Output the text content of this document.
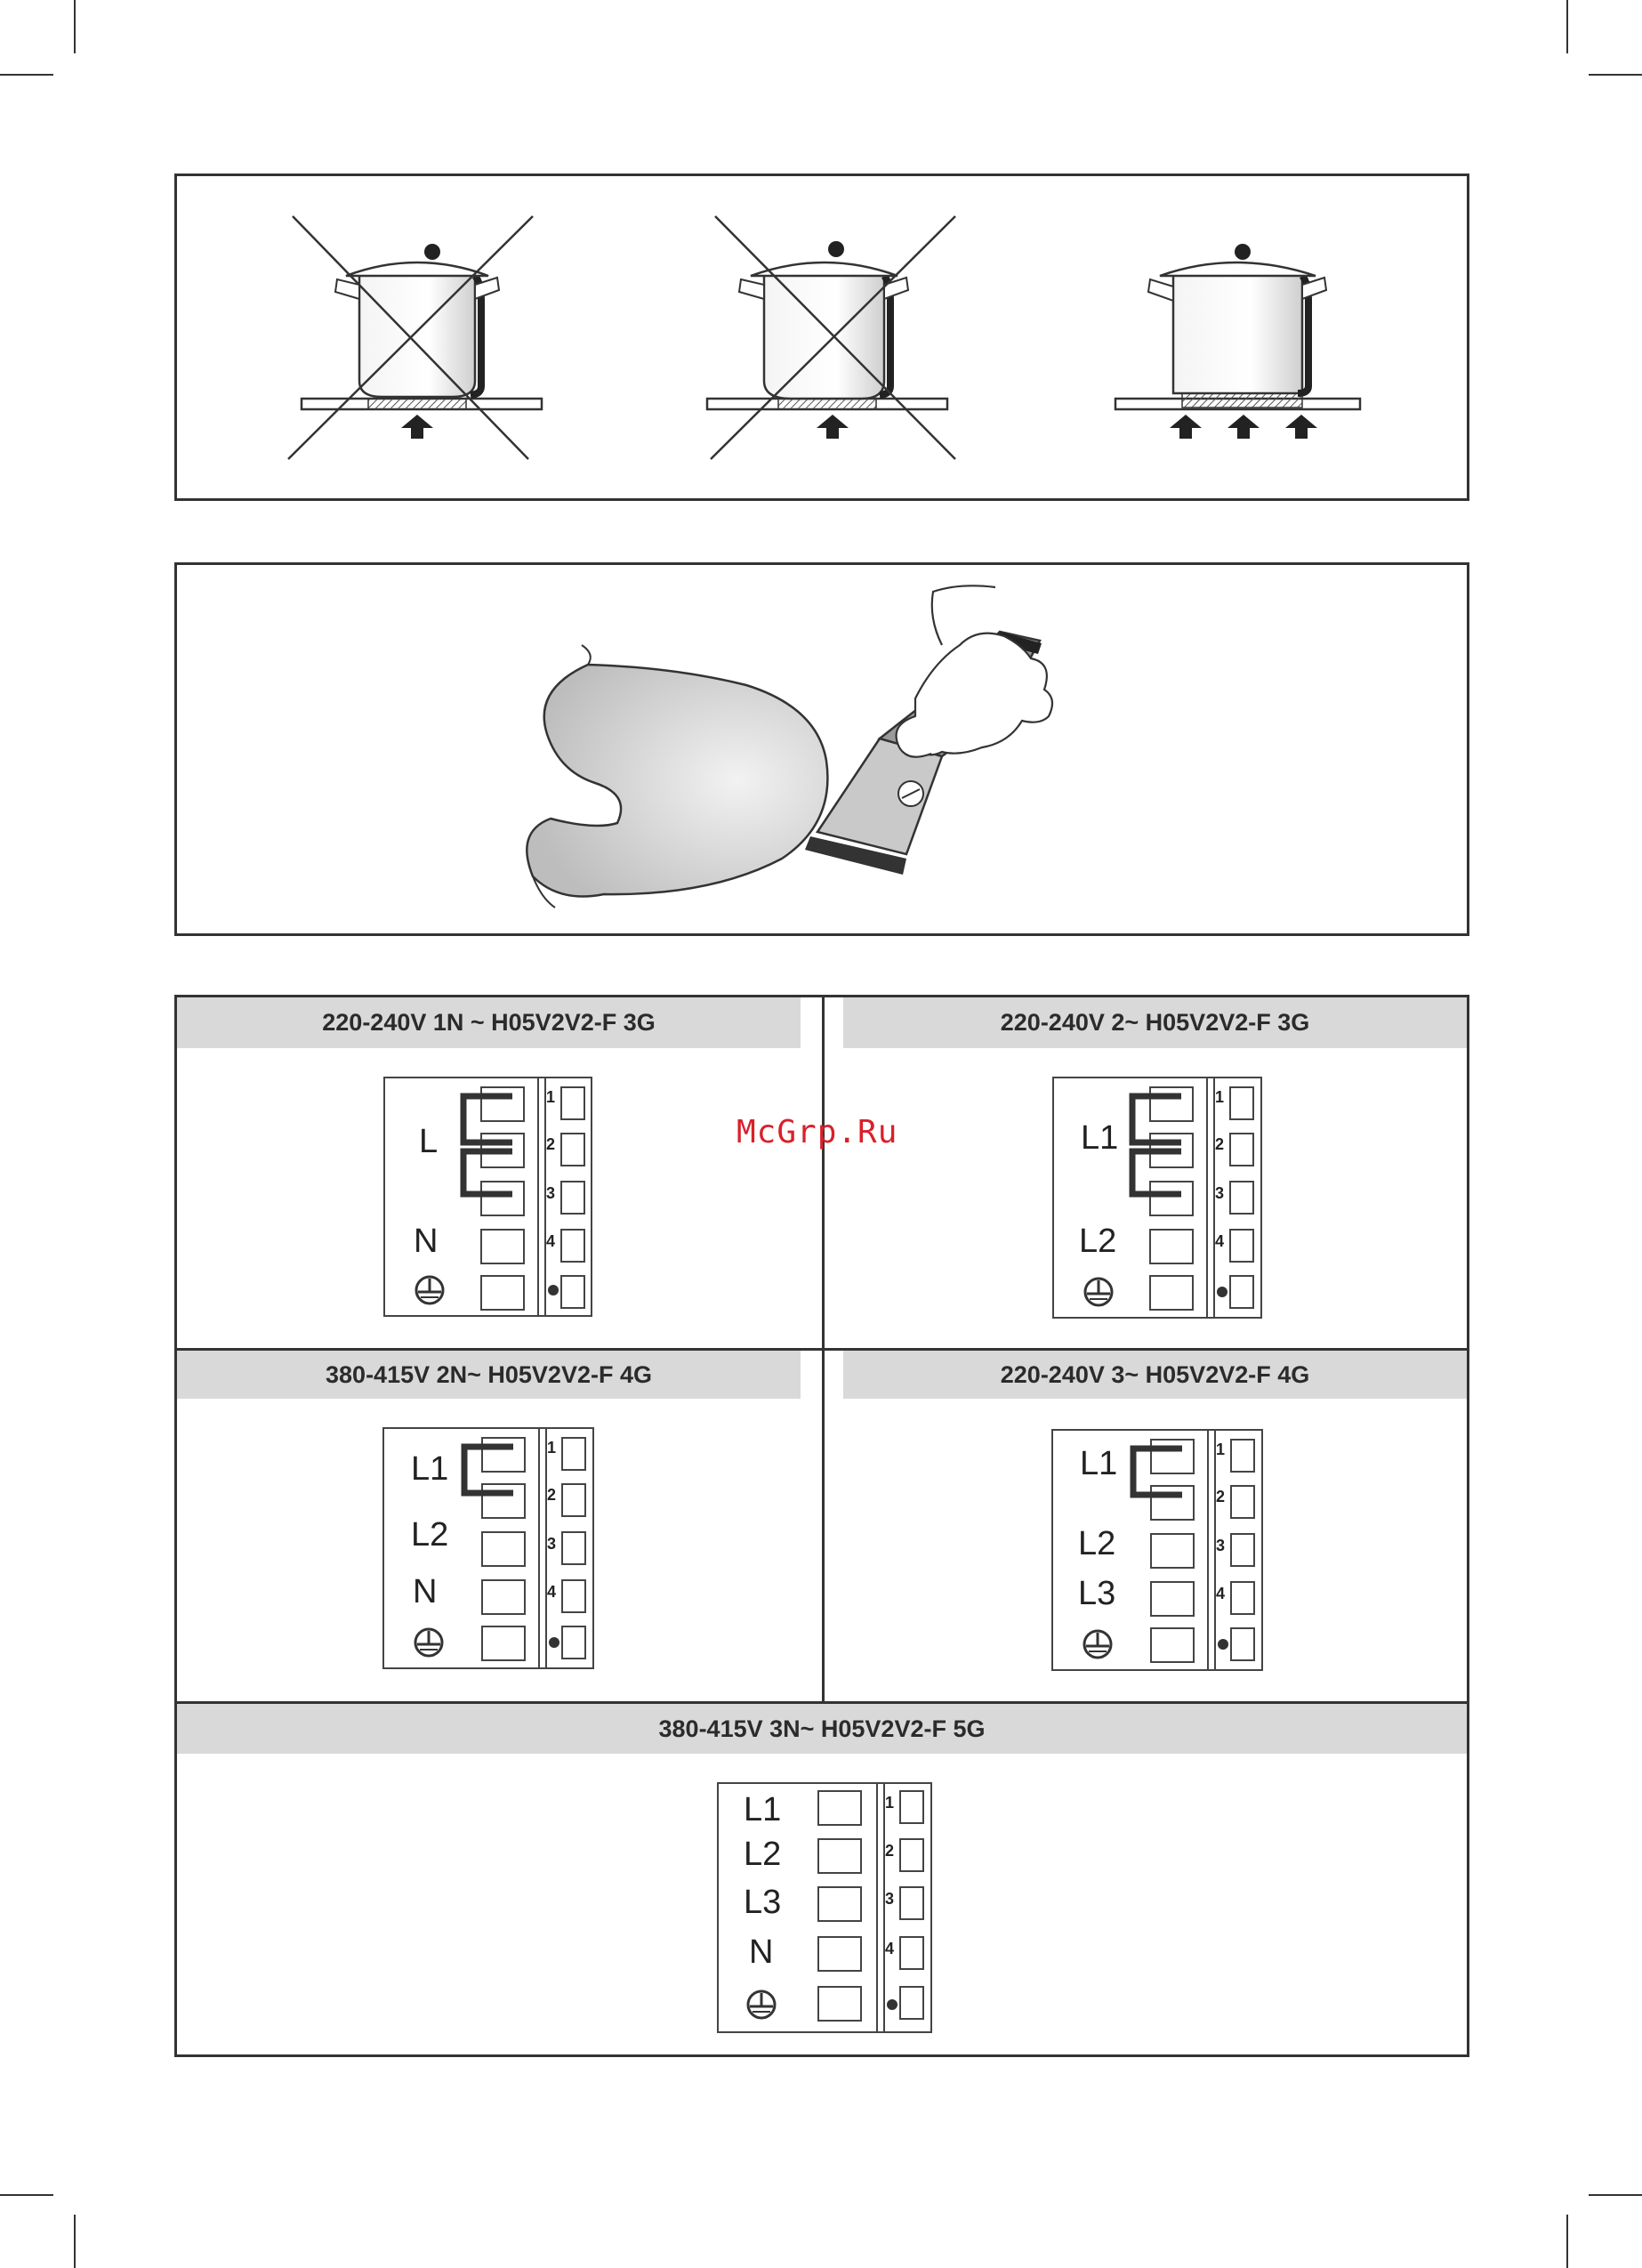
220-240V 1N ~ H05V2V2-F 3G	220-240V 2~ H05V2V2-F 3G
380-415V 2N~ H05V2V2-F 4G	220-240V 3~ H05V2V2-F 4G
380-415V 3N~ H05V2V2-F 5G
McGrp.Ru
L
N
1
2
3
4
L1
L2
1
2
3
4
L1
L2
N
1
2
3
4
L1
L2
L3
1
2
3
4
L1
L2
L3
N
1
2
3
4
